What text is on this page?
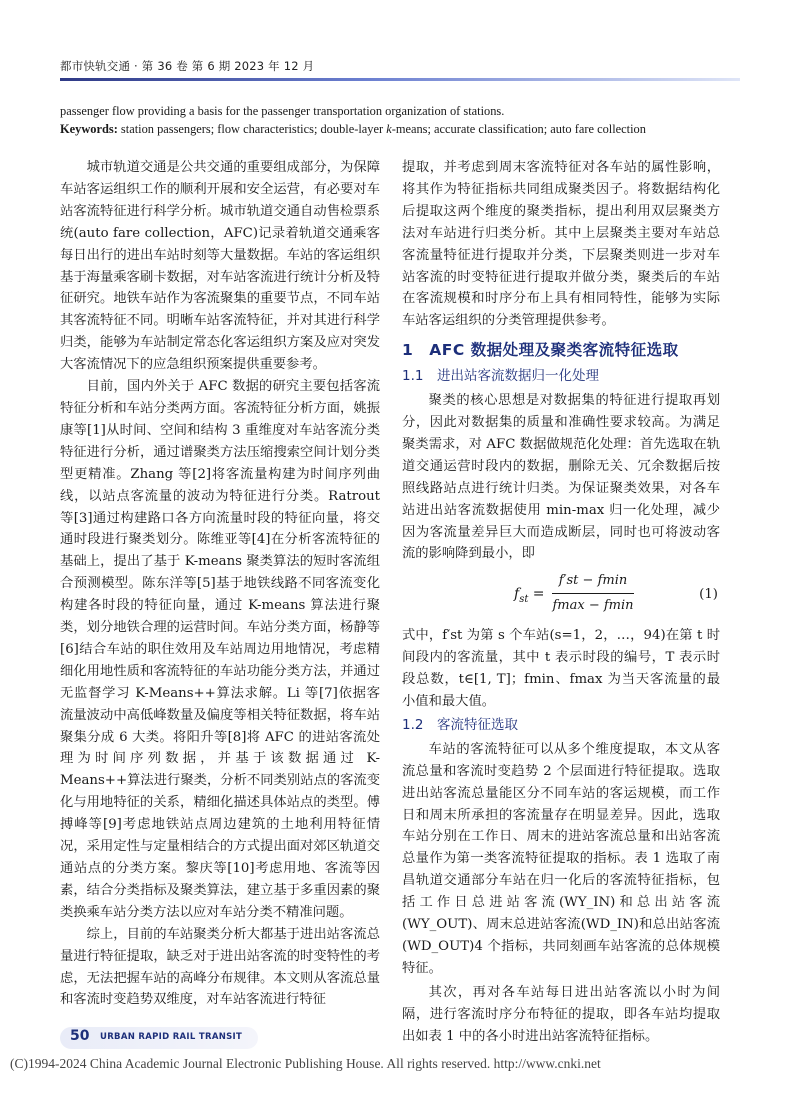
都市快轨交通 · 第 36 卷 第 6 期 2023 年 12 月
passenger flow providing a basis for the passenger transportation organization of stations.
Keywords: station passengers; flow characteristics; double-layer k-means; accurate classification; auto fare collection

城市轨道交通是公共交通的重要组成部分，为保障车站客运组织工作的顺利开展和安全运营，有必要对车站客流特征进行科学分析。城市轨道交通自动售检票系统(auto fare collection，AFC)记录着轨道交通乘客每日出行的进出车站时刻等大量数据。车站的客运组织基于海量乘客刷卡数据，对车站客流进行统计分析及特征研究。地铁车站作为客流聚集的重要节点，不同车站其客流特征不同。明晰车站客流特征，并对其进行科学归类，能够为车站制定常态化客运组织方案及应对突发大客流情况下的应急组织预案提供重要参考。

目前，国内外关于 AFC 数据的研究主要包括客流特征分析和车站分类两方面。客流特征分析方面，姚振康等[1]从时间、空间和结构 3 重维度对车站客流分类特征进行分析，通过谱聚类方法压缩搜索空间计划分类型更精准。Zhang 等[2]将客流量构建为时间序列曲线，以站点客流量的波动为特征进行分类。Ratrout 等[3]通过构建路口各方向流量时段的特征向量，将交通时段进行聚类划分。陈维亚等[4]在分析客流特征的基础上，提出了基于 K-means 聚类算法的短时客流组合预测模型。陈东洋等[5]基于地铁线路不同客流变化构建各时段的特征向量，通过 K-means 算法进行聚类，划分地铁合理的运营时间。车站分类方面，杨静等[6]结合车站的职住效用及车站周边用地情况，考虑精细化用地性质和客流特征的车站功能分类方法，并通过无监督学习 K-Means++算法求解。Li 等[7]依据客流量波动中高低峰数量及偏度等相关特征数据，将车站聚集分成 6 大类。将阳升等[8]将 AFC 的进站客流处理为时间序列数据，并基于该数据通过 K-Means++算法进行聚类，分析不同类别站点的客流变化与用地特征的关系，精细化描述具体站点的类型。傅搏峰等[9]考虑地铁站点周边建筑的土地利用特征情况，采用定性与定量相结合的方式提出面对郊区轨道交通站点的分类方案。黎庆等[10]考虑用地、客流等因素，结合分类指标及聚类算法，建立基于多重因素的聚类换乘车站分类方法以应对车站分类不精准问题。

综上，目前的车站聚类分析大都基于进出站客流总量进行特征提取，缺乏对于进出站客流的时变特性的考虑，无法把握车站的高峰分布规律。本文则从客流总量和客流时变趋势双维度，对车站客流进行特征

提取，并考虑到周末客流特征对各车站的属性影响，将其作为特征指标共同组成聚类因子。将数据结构化后提取这两个维度的聚类指标，提出利用双层聚类方法对车站进行归类分析。其中上层聚类主要对车站总客流量特征进行提取并分类，下层聚类则进一步对车站客流的时变特征进行提取并做分类，聚类后的车站在客流规模和时序分布上具有相同特性，能够为实际车站客运组织的分类管理提供参考。

1　AFC 数据处理及聚类客流特征选取
1.1　进出站客流数据归一化处理

聚类的核心思想是对数据集的特征进行提取再划分，因此对数据集的质量和准确性要求较高。为满足聚类需求，对 AFC 数据做规范化处理：首先选取在轨道交通运营时段内的数据，删除无关、冗余数据后按照线路站点进行统计归类。为保证聚类效果，对各车站进出站客流数据使用 min-max 归一化处理，减少因为客流量差异巨大而造成断层，同时也可将波动客流的影响降到最小，即

$f_{st}$ =
f′st − fmin
fmax − fmin
(1)

式中，f′st 为第 s 个车站(s=1，2，…，94)在第 t 时间段内的客流量，其中 t 表示时段的编号，T 表示时段总数，t∈[1, T]；fmin、fmax 为当天客流量的最小值和最大值。

1.2　客流特征选取

车站的客流特征可以从多个维度提取，本文从客流总量和客流时变趋势 2 个层面进行特征提取。选取进出站客流总量能区分不同车站的客运规模，而工作日和周末所承担的客流量存在明显差异。因此，选取车站分别在工作日、周末的进站客流总量和出站客流总量作为第一类客流特征提取的指标。表 1 选取了南昌轨道交通部分车站在归一化后的客流特征指标，包括工作日总进站客流(WY_IN)和总出站客流(WY_OUT)、周末总进站客流(WD_IN)和总出站客流(WD_OUT)4 个指标，共同刻画车站客流的总体规模特征。

其次，再对各车站每日进出站客流以小时为间隔，进行客流时序分布特征的提取，即各车站均提取出如表 1 中的各小时进出站客流特征指标。

50 URBAN RAPID RAIL TRANSIT
(C)1994-2024 China Academic Journal Electronic Publishing House. All rights reserved. http://www.cnki.net
